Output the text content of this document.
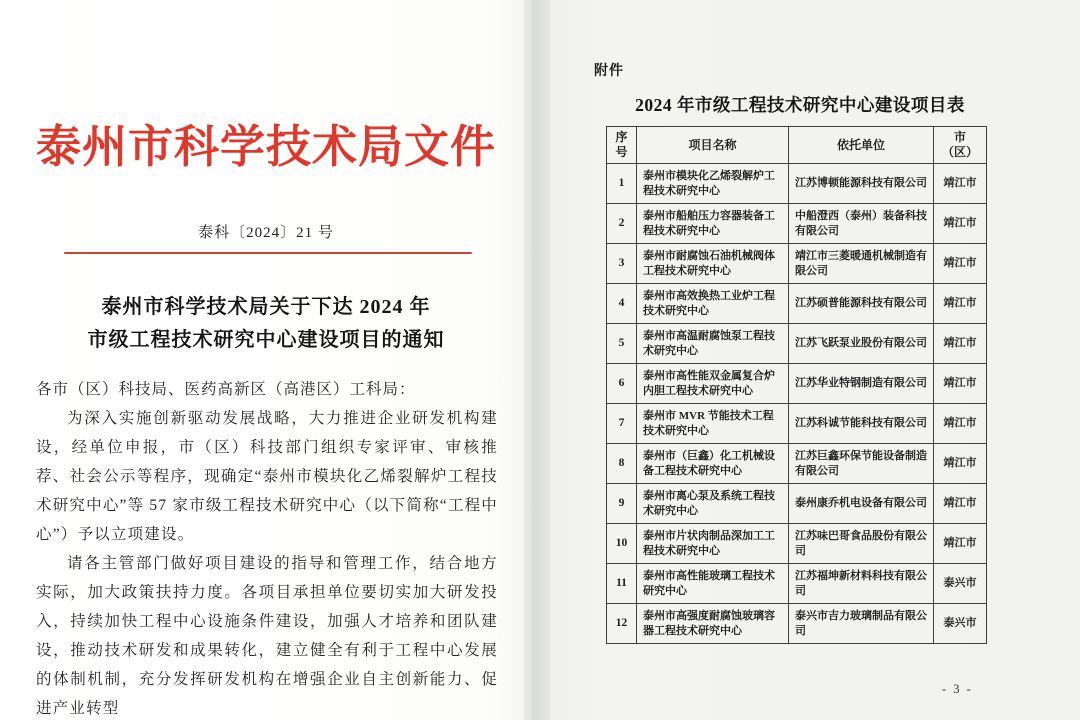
泰州市科学技术局文件
泰科〔2024〕21 号
泰州市科学技术局关于下达 2024 年
市级工程技术研究中心建设项目的通知
各市（区）科技局、医药高新区（高港区）工科局：

为深入实施创新驱动发展战略，大力推进企业研发机构建设，经单位申报，市（区）科技部门组织专家评审、审核推荐、社会公示等程序，现确定“泰州市模块化乙烯裂解炉工程技术研究中心”等 57 家市级工程技术研究中心（以下简称“工程中心”）予以立项建设。

请各主管部门做好项目建设的指导和管理工作，结合地方实际，加大政策扶持力度。各项目承担单位要切实加大研发投入，持续加快工程中心设施条件建设，加强人才培养和团队建设，推动技术研发和成果转化，建立健全有利于工程中心发展的体制机制，充分发挥研发机构在增强企业自主创新能力、促进产业转型

附件
2024 年市级工程技术研究中心建设项目表
序号	项目名称	依托单位	市（区）
1	泰州市模块化乙烯裂解炉工程技术研究中心	江苏博顿能源科技有限公司	靖江市
2	泰州市船舶压力容器装备工程技术研究中心	中船澄西（泰州）装备科技有限公司	靖江市
3	泰州市耐腐蚀石油机械阀体工程技术研究中心	靖江市三菱暖通机械制造有限公司	靖江市
4	泰州市高效换热工业炉工程技术研究中心	江苏硕普能源科技有限公司	靖江市
5	泰州市高温耐腐蚀泵工程技术研究中心	江苏飞跃泵业股份有限公司	靖江市
6	泰州市高性能双金属复合炉内胆工程技术研究中心	江苏华业特钢制造有限公司	靖江市
7	泰州市 MVR 节能技术工程技术研究中心	江苏科诚节能科技有限公司	靖江市
8	泰州市（巨鑫）化工机械设备工程技术研究中心	江苏巨鑫环保节能设备制造有限公司	靖江市
9	泰州市离心泵及系统工程技术研究中心	泰州康乔机电设备有限公司	靖江市
10	泰州市片状肉制品深加工工程技术研究中心	江苏味巴哥食品股份有限公司	靖江市
11	泰州市高性能玻璃工程技术研究中心	江苏福坤新材料科技有限公司	泰兴市
12	泰州市高强度耐腐蚀玻璃容器工程技术研究中心	泰兴市吉力玻璃制品有限公司	泰兴市
- 3 -
